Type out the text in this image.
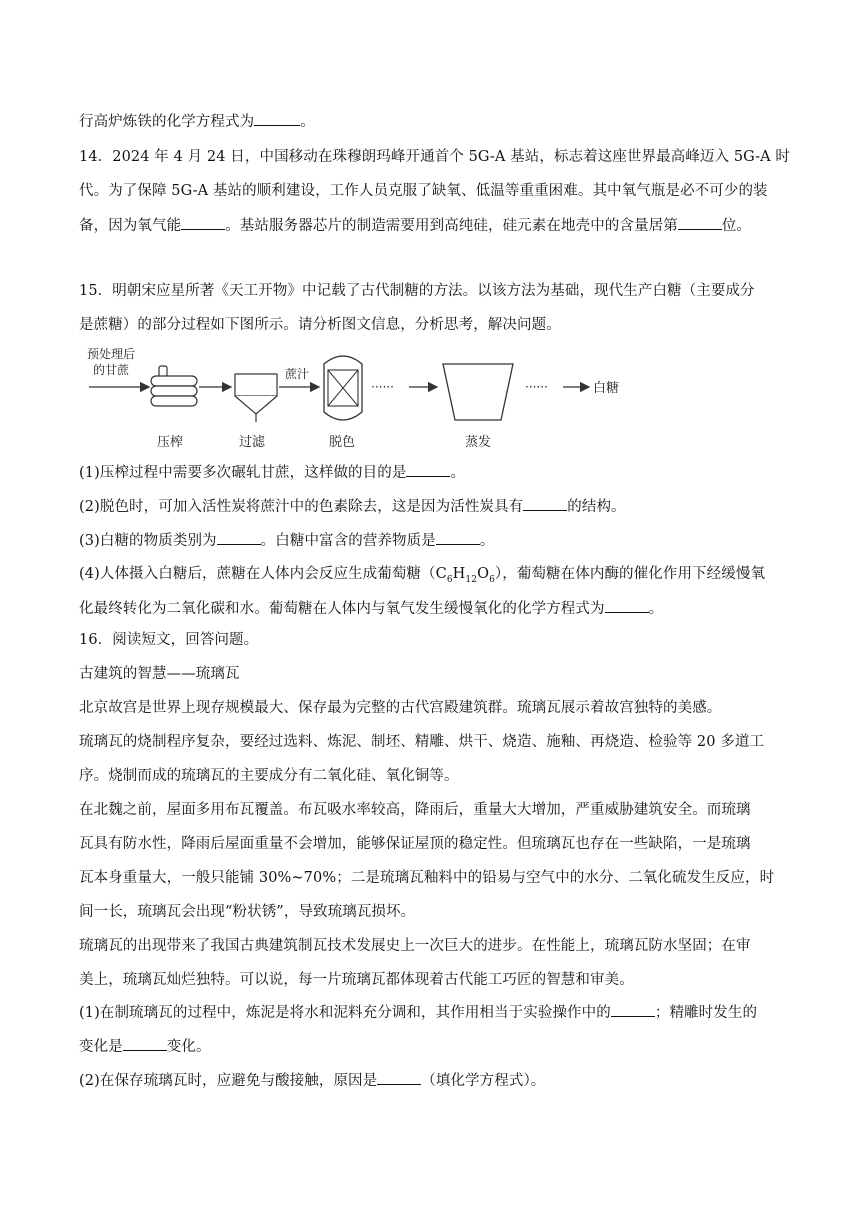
行高炉炼铁的化学方程式为	。
14．2024 年 4 月 24 日，中国移动在珠穆朗玛峰开通首个 5G-A 基站，标志着这座世界最高峰迈入 5G-A 时
代。为了保障 5G-A 基站的顺利建设，工作人员克服了缺氧、低温等重重困难。其中氧气瓶是必不可少的装
备，因为氧气能	。基站服务器芯片的制造需要用到高纯硅，硅元素在地壳中的含量居第	位。
15．明朝宋应星所著《天工开物》中记载了古代制糖的方法。以该方法为基础，现代生产白糖（主要成分
是蔗糖）的部分过程如下图所示。请分析图文信息，分析思考，解决问题。
预处理后
的甘蔗
压榨	过滤
蔗汁
脱色
······
蒸发
······	白糖
(1)压榨过程中需要多次碾轧甘蔗，这样做的目的是	。
(2)脱色时，可加入活性炭将蔗汁中的色素除去，这是因为活性炭具有	的结构。
(3)白糖的物质类别为	。白糖中富含的营养物质是	。
(4)人体摄入白糖后，蔗糖在人体内会反应生成葡萄糖$(C_6H_{12}O_6)$，葡萄糖在体内酶的催化作用下经缓慢氧
化最终转化为二氧化碳和水。葡萄糖在人体内与氧气发生缓慢氧化的化学方程式为	。
16．阅读短文，回答问题。
古建筑的智慧——琉璃瓦
北京故宫是世界上现存规模最大、保存最为完整的古代宫殿建筑群。琉璃瓦展示着故宫独特的美感。
琉璃瓦的烧制程序复杂，要经过选料、炼泥、制坯、精雕、烘干、烧造、施釉、再烧造、检验等 20 多道工
序。烧制而成的琉璃瓦的主要成分有二氧化硅、氧化铜等。
在北魏之前，屋面多用布瓦覆盖。布瓦吸水率较高，降雨后，重量大大增加，严重威胁建筑安全。而琉璃
瓦具有防水性，降雨后屋面重量不会增加，能够保证屋顶的稳定性。但琉璃瓦也存在一些缺陷，一是琉璃
瓦本身重量大，一般只能铺 30%~70%；二是琉璃瓦釉料中的铅易与空气中的水分、二氧化硫发生反应，时
间一长，琉璃瓦会出现“粉状锈”，导致琉璃瓦损坏。
琉璃瓦的出现带来了我国古典建筑制瓦技术发展史上一次巨大的进步。在性能上，琉璃瓦防水坚固；在审
美上，琉璃瓦灿烂独特。可以说，每一片琉璃瓦都体现着古代能工巧匠的智慧和审美。
(1)在制琉璃瓦的过程中，炼泥是将水和泥料充分调和，其作用相当于实验操作中的	；精雕时发生的
变化是	变化。
(2)在保存琉璃瓦时，应避免与酸接触，原因是	（填化学方程式）。
